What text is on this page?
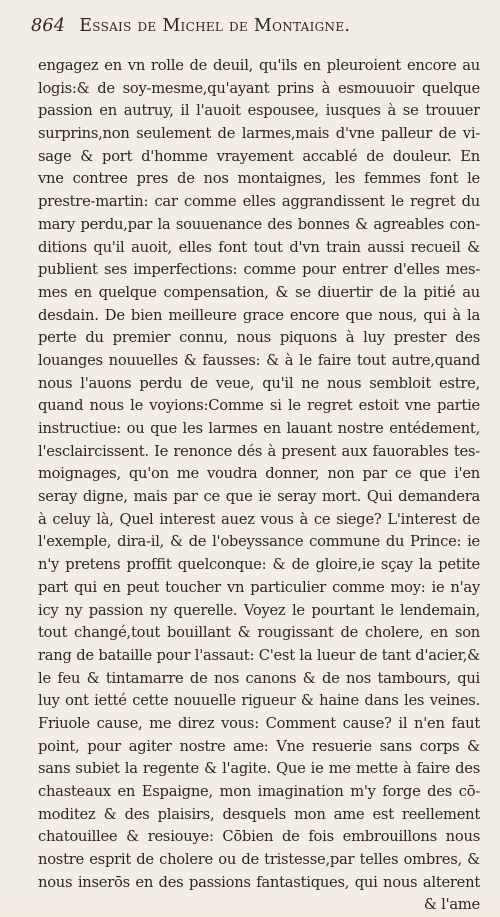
864 Essais de Michel de Montaigne.
engagez en vn rolle de deuil, qu'ils en pleuroient encore au
logis:& de soy-mesme,qu'ayant prins à esmouuoir quelque
passion en autruy, il l'auoit espousee, iusques à se trouuer
surprins,non seulement de larmes,mais d'vne palleur de vi-
sage & port d'homme vrayement accablé de douleur. En
vne contree pres de nos montaignes, les femmes font le
prestre-martin: car comme elles aggrandissent le regret du
mary perdu,par la souuenance des bonnes & agreables con-
ditions qu'il auoit, elles font tout d'vn train aussi recueil &
publient ses imperfections: comme pour entrer d'elles mes-
mes en quelque compensation, & se diuertir de la pitié au
desdain. De bien meilleure grace encore que nous, qui à la
perte du premier connu, nous piquons à luy prester des
louanges nouuelles & fausses: & à le faire tout autre,quand
nous l'auons perdu de veue, qu'il ne nous sembloit estre,
quand nous le voyions:Comme si le regret estoit vne partie
instructiue: ou que les larmes en lauant nostre entédement,
l'esclaircissent. Ie renonce dés à present aux fauorables tes-
moignages, qu'on me voudra donner, non par ce que i'en
seray digne, mais par ce que ie seray mort. Qui demandera
à celuy là, Quel interest auez vous à ce siege? L'interest de
l'exemple, dira-il, & de l'obeyssance commune du Prince: ie
n'y pretens proffit quelconque: & de gloire,ie sçay la petite
part qui en peut toucher vn particulier comme moy: ie n'ay
icy ny passion ny querelle. Voyez le pourtant le lendemain,
tout changé,tout bouillant & rougissant de cholere, en son
rang de bataille pour l'assaut: C'est la lueur de tant d'acier,&
le feu & tintamarre de nos canons & de nos tambours, qui
luy ont ietté cette nouuelle rigueur & haine dans les veines.
Friuole cause, me direz vous: Comment cause? il n'en faut
point, pour agiter nostre ame: Vne resuerie sans corps &
sans subiet la regente & l'agite. Que ie me mette à faire des
chasteaux en Espaigne, mon imagination m'y forge des cō-
moditez & des plaisirs, desquels mon ame est reellement
chatouillee & resiouye: Cōbien de fois embrouillons nous
nostre esprit de cholere ou de tristesse,par telles ombres, &
nous inserōs en des passions fantastiques, qui nous alterent
& l'ame
